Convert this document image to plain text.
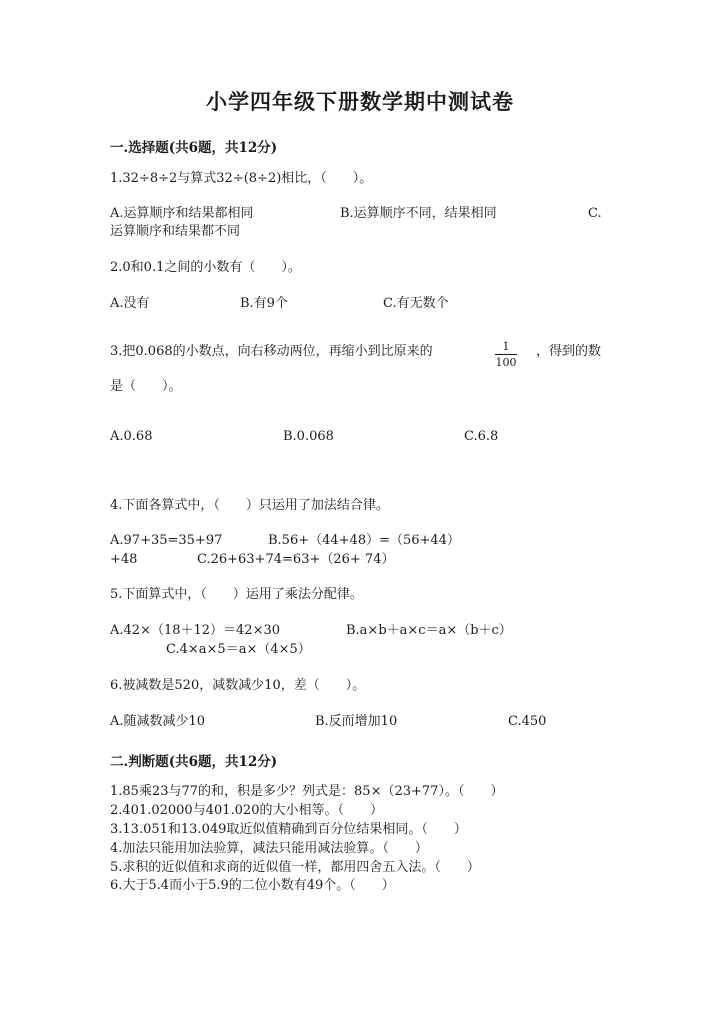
小学四年级下册数学期中测试卷
一.选择题(共6题，共12分)
1.32÷8÷2与算式32÷(8÷2)相比，（　　）。
A.运算顺序和结果都相同	B.运算顺序不同，结果相同	C.
运算顺序和结果都不同
2.0和0.1之间的小数有（　　）。
A.没有	B.有9个	C.有无数个
3.把0.068的小数点，向右移动两位，再缩小到比原来的	$\frac{1}{100}$ ，得到的数
是（　　）。
A.0.68	B.0.068	C.6.8
4.下面各算式中，（　　）只运用了加法结合律。
A.97+35=35+97	B.56+（44+48）=（56+44）
+48	C.26+63+74=63+（26+ 74）
5.下面算式中，（　　）运用了乘法分配律。
A.42×（18＋12）＝42×30	B.a×b＋a×c＝a×（b＋c）
C.4×a×5＝a×（4×5）
6.被减数是520，减数减少10，差（　　）。
A.随减数减少10	B.反而增加10	C.450
二.判断题(共6题，共12分)
1.85乘23与77的和，积是多少？列式是：85×（23+77）。（　　）
2.401.02000与401.020的大小相等。（　　）
3.13.051和13.049取近似值精确到百分位结果相同。（　　）
4.加法只能用加法验算，减法只能用减法验算。（　　）
5.求积的近似值和求商的近似值一样，都用四舍五入法。（　　）
6.大于5.4而小于5.9的二位小数有49个。（　　）
